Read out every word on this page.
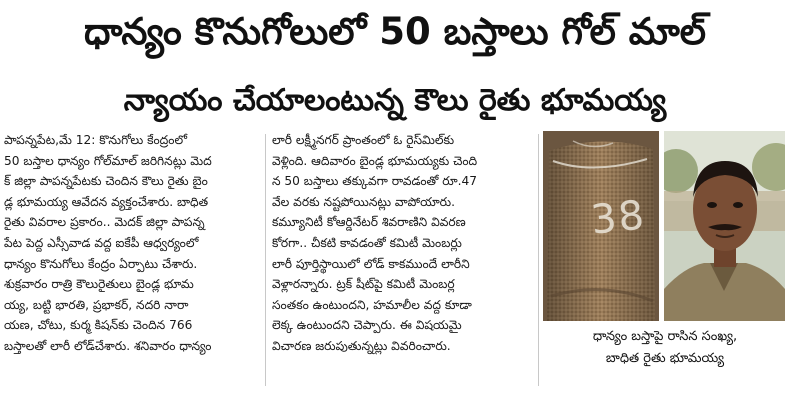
ధాన్యం కొనుగోలులో 50 బస్తాలు గోల్ మాల్
న్యాయం చేయాలంటున్న కౌలు రైతు భూమయ్య
పాపన్నపేట,మే 12: కొనుగోలు కేంద్రంలో
50 బస్తాల ధాన్యం గోల్‌మాల్ జరిగినట్లు మెద
క్ జిల్లా పాపన్నపేటకు చెందిన కౌలు రైతు బైం
డ్ల భూమయ్య ఆవేదన వ్యక్తంచేశారు. బాధిత
రైతు వివరాల ప్రకారం.. మెదక్ జిల్లా పాపన్న
పేట పెద్ద ఎస్సీవాడ వద్ద ఐకేపీ ఆధ్వర్యంలో
ధాన్యం కొనుగోలు కేంద్రం ఏర్పాటు చేశారు.
శుక్రవారం రాత్రి కౌలురైతులు బైండ్ల భూమ
య్య, బట్టి భారతి, ప్రభాకర్, నదరి నారా
యణ, చోటు, కుర్మ కిషన్‌కు చెందిన 766
బస్తాలతో లారీ లోడ్‌చేశారు. శనివారం ధాన్యం
లారీ లక్ష్మీనగర్ ప్రాంతంలో ఓ రైస్‌మిల్‌కు
వెళ్లింది. ఆదివారం బైండ్ల భూమయ్యకు చెంది
న 50 బస్తాలు తక్కువగా రావడంతో రూ.47
వేల వరకు నష్టపోయినట్లు వాపోయారు.
కమ్యూనిటీ కోఆర్డినేటర్ శివరాణిని వివరణ
కోరగా.. చీకటి కావడంతో కమిటీ మెంబర్లు
లారీ పూర్తిస్థాయిలో లోడ్ కాకముందే లారీని
వెళ్లారన్నారు. ట్రక్ షీట్‌పై కమిటీ మెంబర్ల
సంతకం ఉంటుందని, హమాలీల వద్ద కూడా
లెక్క ఉంటుందని చెప్పారు. ఈ విషయమై
విచారణ జరుపుతున్నట్లు వివరించారు.
38
ధాన్యం బస్తాపై రాసిన సంఖ్య,
బాధిత రైతు భూమయ్య
